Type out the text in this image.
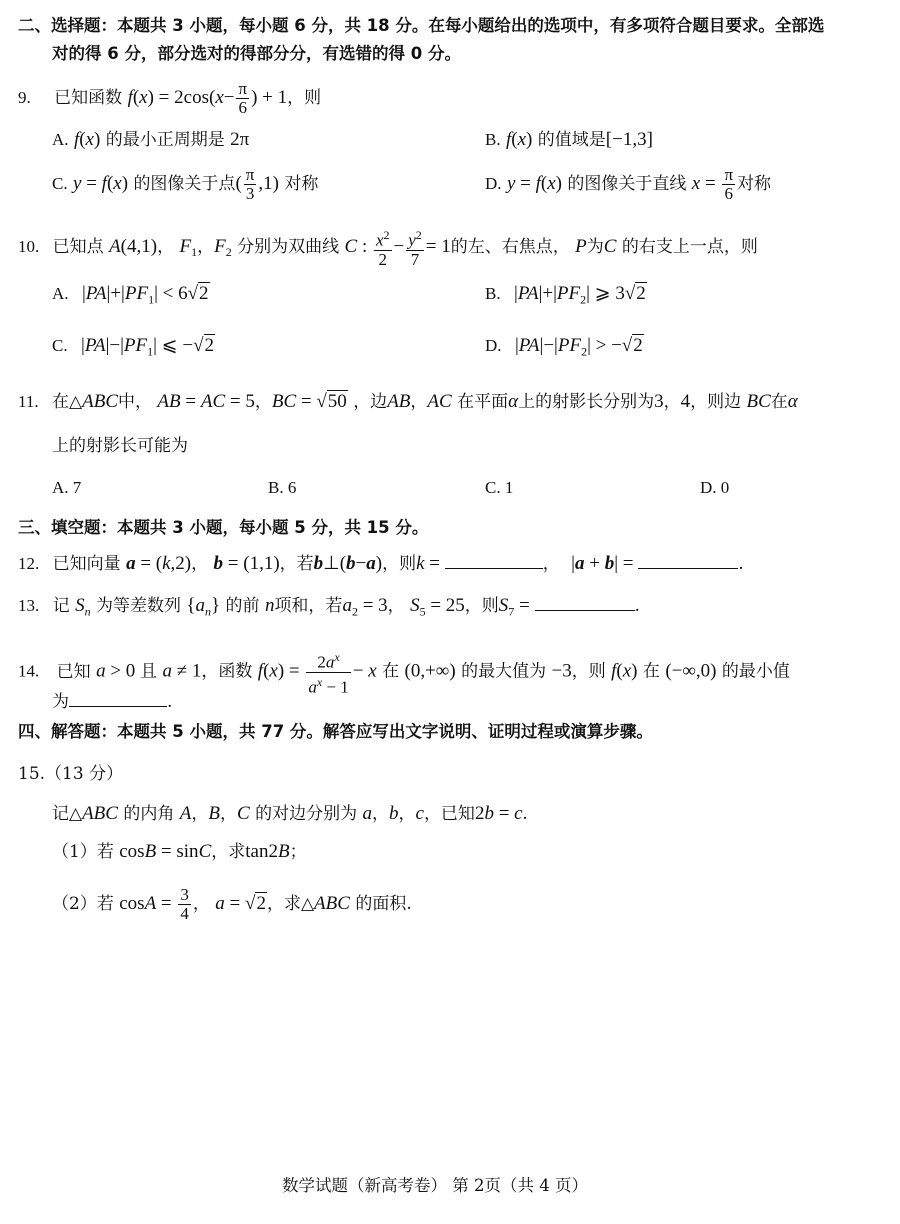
二、选择题：本题共 3 小题，每小题 6 分，共 18 分。在每小题给出的选项中，有多项符合题目要求。全部选
对的得 6 分，部分选对的得部分分，有选错的得 0 分。
9. 已知函数 $f(x) = 2\cos(x- \frac{\pi}{6}$ ) + 1，则
A. f(x) 的最小正周期是 2π	B. f(x) 的值域是[−1,3]
C. y = f(x) 的图像关于点( $\frac{\pi}{3} ,1$) 对称	D. y = f(x) 的图像关于直线 $x = \frac{\pi}{6}$ 对称
10. 已知点 A(4,1)， $F_1$，$F_2$ 分别为双曲线 C : $\frac{x^2}{2} - \frac{y^2}{7} = 1$的左、右焦点， P为C 的右支上一点，则
A. $|PA|+|PF_1| < 6√2$	B. $|PA|+|PF_2|$ ⩾ 3√2
C. $|PA|-|PF_1|$ ⩽ −√2	D. $|PA|-|PF_2| > -√2$
11. 在△ABC中， AB = AC = 5，BC = √50 ，边AB，AC 在平面α上的射影长分别为3，4，则边 BC在α
上的射影长可能为
A. 7	B. 6	C. 1	D. 0
三、填空题：本题共 3 小题，每小题 5 分，共 15 分。
12. 已知向量 a = (k,2)， b = (1,1)，若b⊥(b−a)，则k =	， |a + b| =	.
13. 记 $S_n$ 为等差数列 $\{a_n\}$ 的前 n项和，若$a_2 = 3$， $S_5 = 25$，则$S_7$ =	.
14. 已知 a > 0 且 a ≠ 1，函数 $f(x) = \frac{2a^x}{a^x - 1} - x$ 在 (0,+∞) 的最大值为 −3，则 f(x) 在 (−∞,0) 的最小值
为	.
四、解答题：本题共 5 小题，共 77 分。解答应写出文字说明、证明过程或演算步骤。
15.（13 分）
记△ABC 的内角 A，B，C 的对边分别为 a，b，c，已知2b = c.
（1）若 cosB = sinC，求tan2B；
（2）若 $\cos A = \frac{3}{4}$ ， a = √2，求△ABC 的面积.
数学试题（新高考卷） 第 2页（共 4 页）
